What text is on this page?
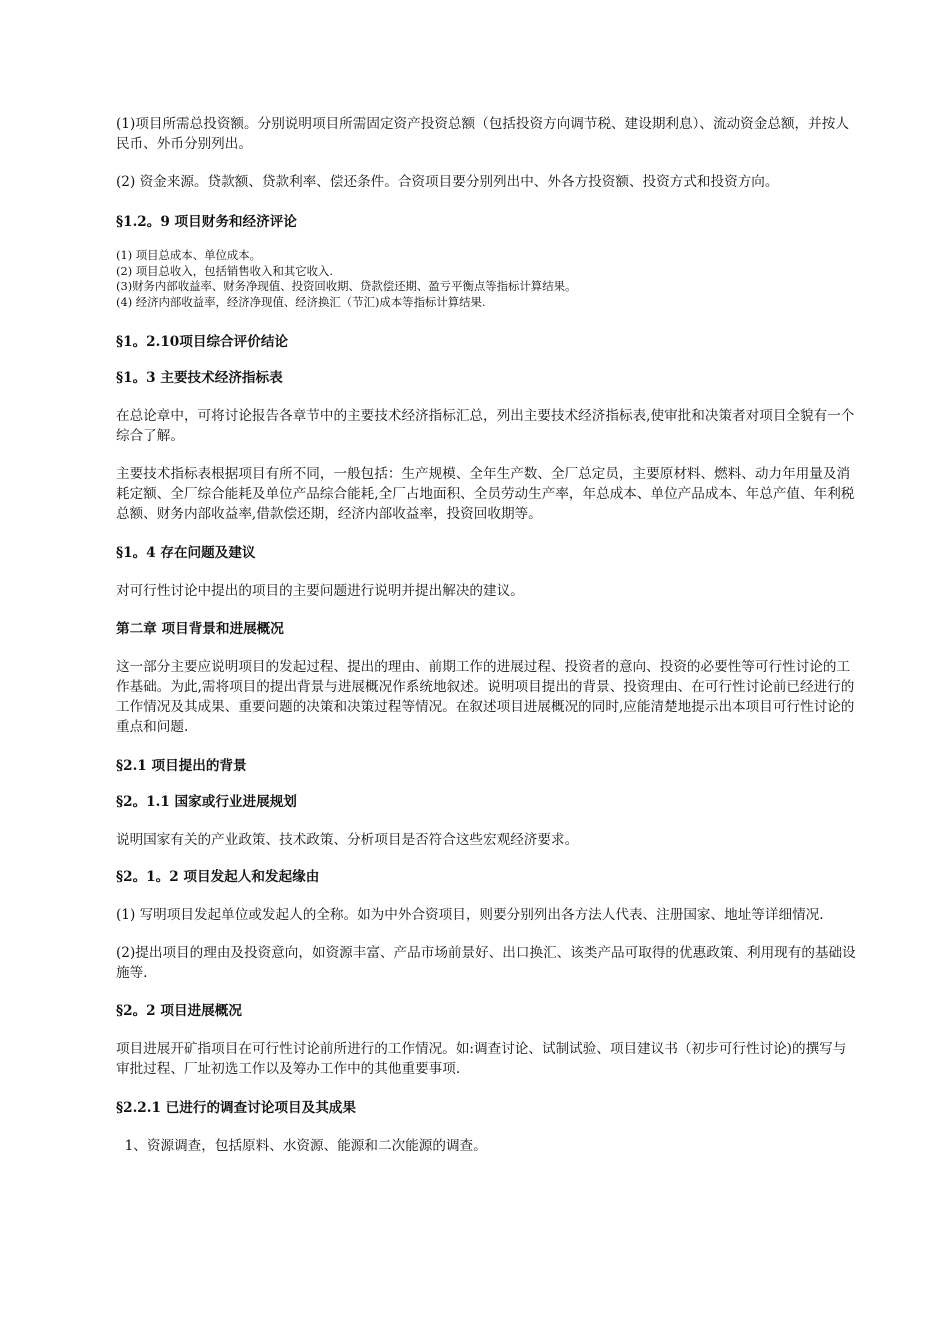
(1)项目所需总投资额。分别说明项目所需固定资产投资总额（包括投资方向调节税、建设期利息）、流动资金总额，并按人民币、外币分别列出。

(2) 资金来源。贷款额、贷款利率、偿还条件。合资项目要分别列出中、外各方投资额、投资方式和投资方向。

§1.2。9 项目财务和经济评论

(1) 项目总成本、单位成本。

(2) 项目总收入，包括销售收入和其它收入.

(3)财务内部收益率、财务净现值、投资回收期、贷款偿还期、盈亏平衡点等指标计算结果。

(4) 经济内部收益率，经济净现值、经济换汇（节汇)成本等指标计算结果.

§1。2.10项目综合评价结论

§1。3 主要技术经济指标表

在总论章中，可将讨论报告各章节中的主要技术经济指标汇总，列出主要技术经济指标表,使审批和决策者对项目全貌有一个综合了解。

主要技术指标表根据项目有所不同，一般包括：生产规模、全年生产数、全厂总定员，主要原材料、燃料、动力年用量及消耗定额、全厂综合能耗及单位产品综合能耗,全厂占地面积、全员劳动生产率，年总成本、单位产品成本、年总产值、年利税总额、财务内部收益率,借款偿还期，经济内部收益率，投资回收期等。

§1。4 存在问题及建议

对可行性讨论中提出的项目的主要问题进行说明并提出解决的建议。

第二章 项目背景和进展概况

这一部分主要应说明项目的发起过程、提出的理由、前期工作的进展过程、投资者的意向、投资的必要性等可行性讨论的工作基础。为此,需将项目的提出背景与进展概况作系统地叙述。说明项目提出的背景、投资理由、在可行性讨论前已经进行的工作情况及其成果、重要问题的决策和决策过程等情况。在叙述项目进展概况的同时,应能清楚地提示出本项目可行性讨论的重点和问题.

§2.1 项目提出的背景

§2。1.1 国家或行业进展规划

说明国家有关的产业政策、技术政策、分析项目是否符合这些宏观经济要求。

§2。1。2 项目发起人和发起缘由

(1) 写明项目发起单位或发起人的全称。如为中外合资项目，则要分别列出各方法人代表、注册国家、地址等详细情况.

(2)提出项目的理由及投资意向，如资源丰富、产品市场前景好、出口换汇、该类产品可取得的优惠政策、利用现有的基础设施等.

§2。2 项目进展概况

项目进展开矿指项目在可行性讨论前所进行的工作情况。如:调查讨论、试制试验、项目建议书（初步可行性讨论)的撰写与审批过程、厂址初选工作以及筹办工作中的其他重要事项.

§2.2.1 已进行的调查讨论项目及其成果

1、资源调查，包括原料、水资源、能源和二次能源的调查。
